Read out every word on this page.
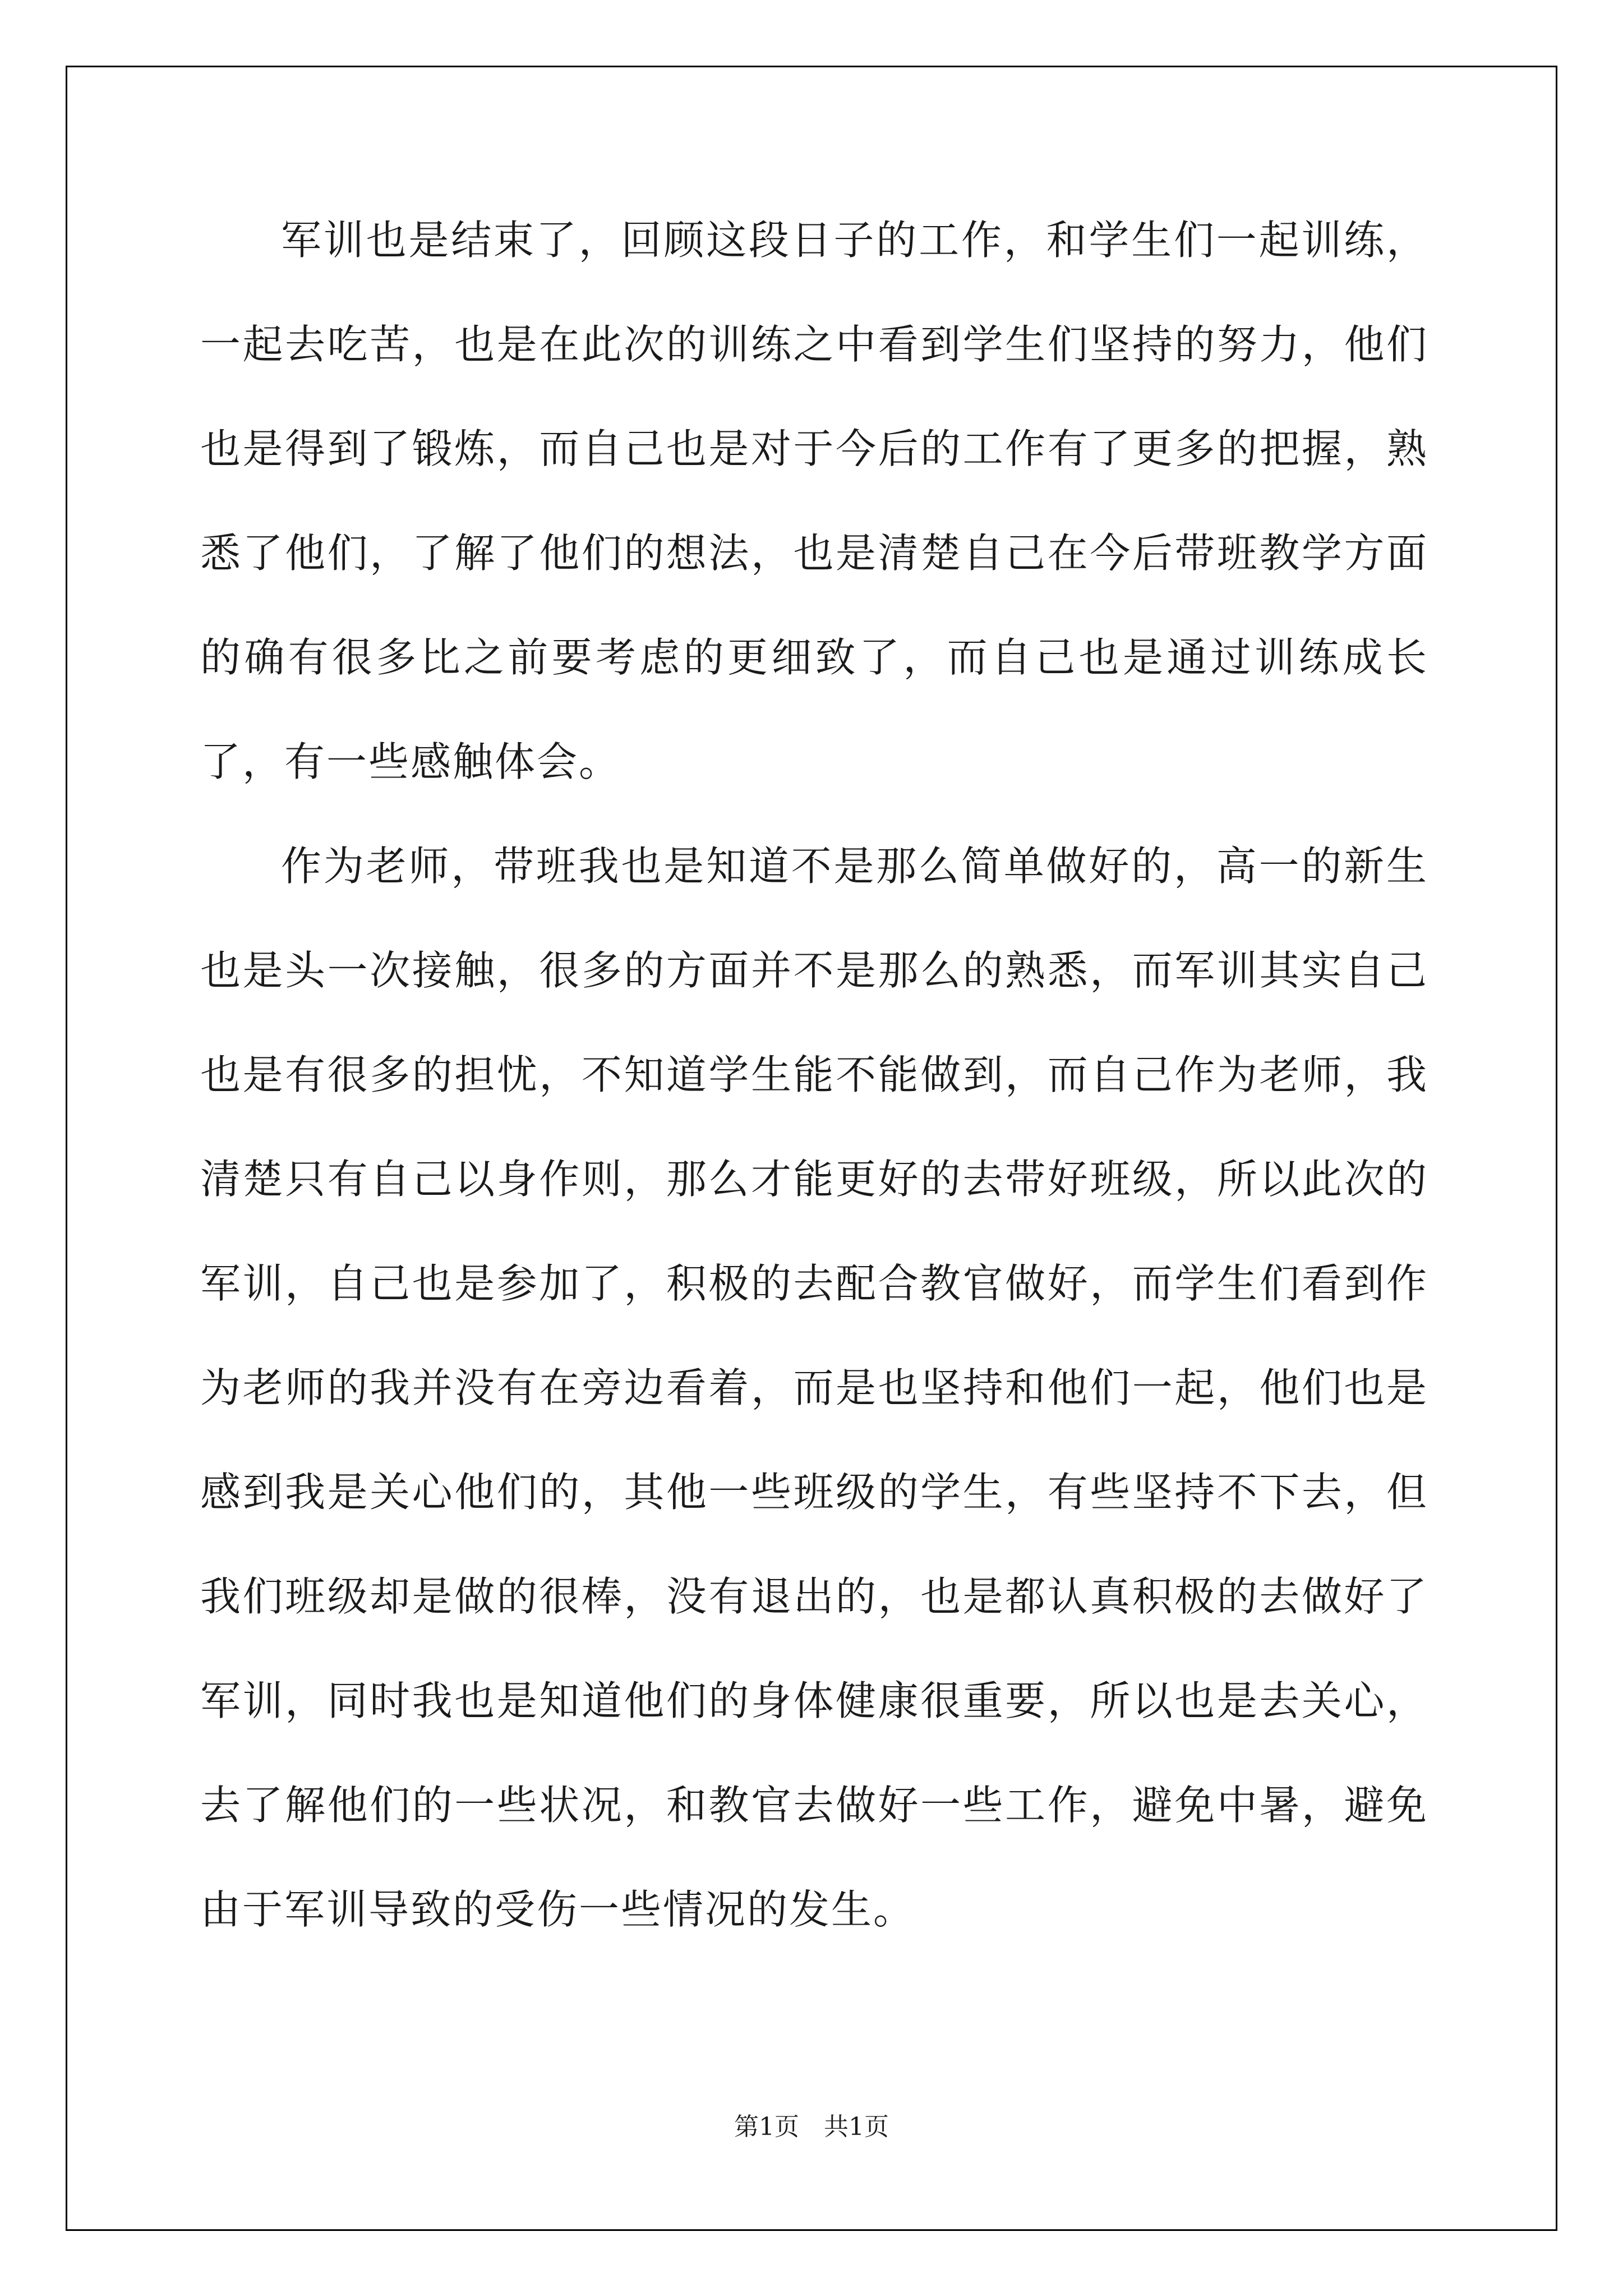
军训也是结束了，回顾这段日子的工作，和学生们一起训练，一起去吃苦，也是在此次的训练之中看到学生们坚持的努力，他们也是得到了锻炼，而自己也是对于今后的工作有了更多的把握，熟悉了他们，了解了他们的想法，也是清楚自己在今后带班教学方面的确有很多比之前要考虑的更细致了，而自己也是通过训练成长了，有一些感触体会。

作为老师，带班我也是知道不是那么简单做好的，高一的新生也是头一次接触，很多的方面并不是那么的熟悉，而军训其实自己也是有很多的担忧，不知道学生能不能做到，而自己作为老师，我清楚只有自己以身作则，那么才能更好的去带好班级，所以此次的军训，自己也是参加了，积极的去配合教官做好，而学生们看到作为老师的我并没有在旁边看着，而是也坚持和他们一起，他们也是感到我是关心他们的，其他一些班级的学生，有些坚持不下去，但我们班级却是做的很棒，没有退出的，也是都认真积极的去做好了军训，同时我也是知道他们的身体健康很重要，所以也是去关心，去了解他们的一些状况，和教官去做好一些工作，避免中暑，避免由于军训导致的受伤一些情况的发生。

第1页　共1页
